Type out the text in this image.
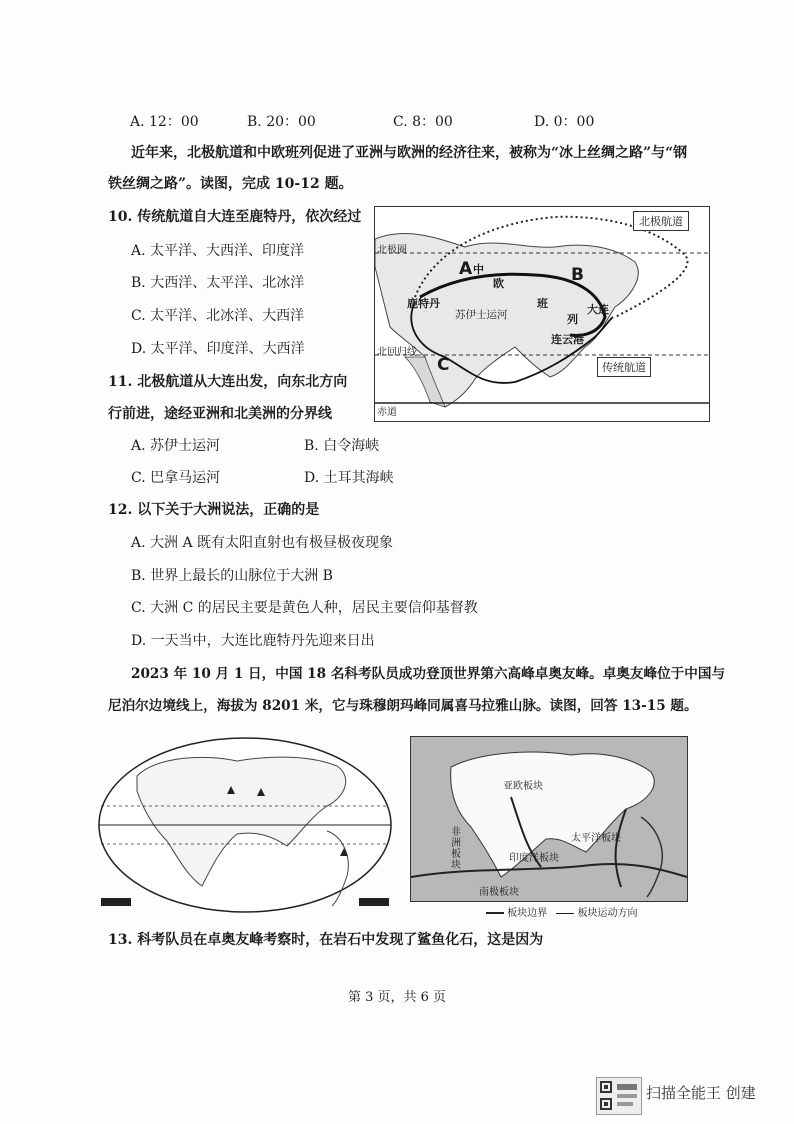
A. 12：00	B. 20：00	C. 8：00	D. 0：00
近年来，北极航道和中欧班列促进了亚洲与欧洲的经济往来，被称为“冰上丝绸之路”与“钢
铁丝绸之路”。读图，完成 10-12 题。
10. 传统航道自大连至鹿特丹，依次经过
A. 太平洋、大西洋、印度洋
B. 大西洋、太平洋、北冰洋
C. 太平洋、北冰洋、大西洋
D. 太平洋、印度洋、大西洋
11. 北极航道从大连出发，向东北方向
行前进，途经亚洲和北美洲的分界线
A. 苏伊士运河	B. 白令海峡
C. 巴拿马运河	D. 土耳其海峡
12. 以下关于大洲说法，正确的是
A. 大洲 A 既有太阳直射也有极昼极夜现象
B. 世界上最长的山脉位于大洲 B
C. 大洲 C 的居民主要是黄色人种，居民主要信仰基督教
D. 一天当中，大连比鹿特丹先迎来日出
2023 年 10 月 1 日，中国 18 名科考队员成功登顶世界第六高峰卓奥友峰。卓奥友峰位于中国与
尼泊尔边境线上，海拔为 8201 米，它与珠穆朗玛峰同属喜马拉雅山脉。读图，回答 13-15 题。
北极航道
北极圈
北回归线
赤道
A	B
C
鹿特丹
苏伊士运河	大连
连云港
中
欧
班
列
传统航道
亚欧板块
非洲板块
印度洋板块
太平洋板块
南极板块
板块边界	板块运动方向
13. 科考队员在卓奥友峰考察时，在岩石中发现了鲨鱼化石，这是因为
第 3 页，共 6 页
扫描全能王 创建
